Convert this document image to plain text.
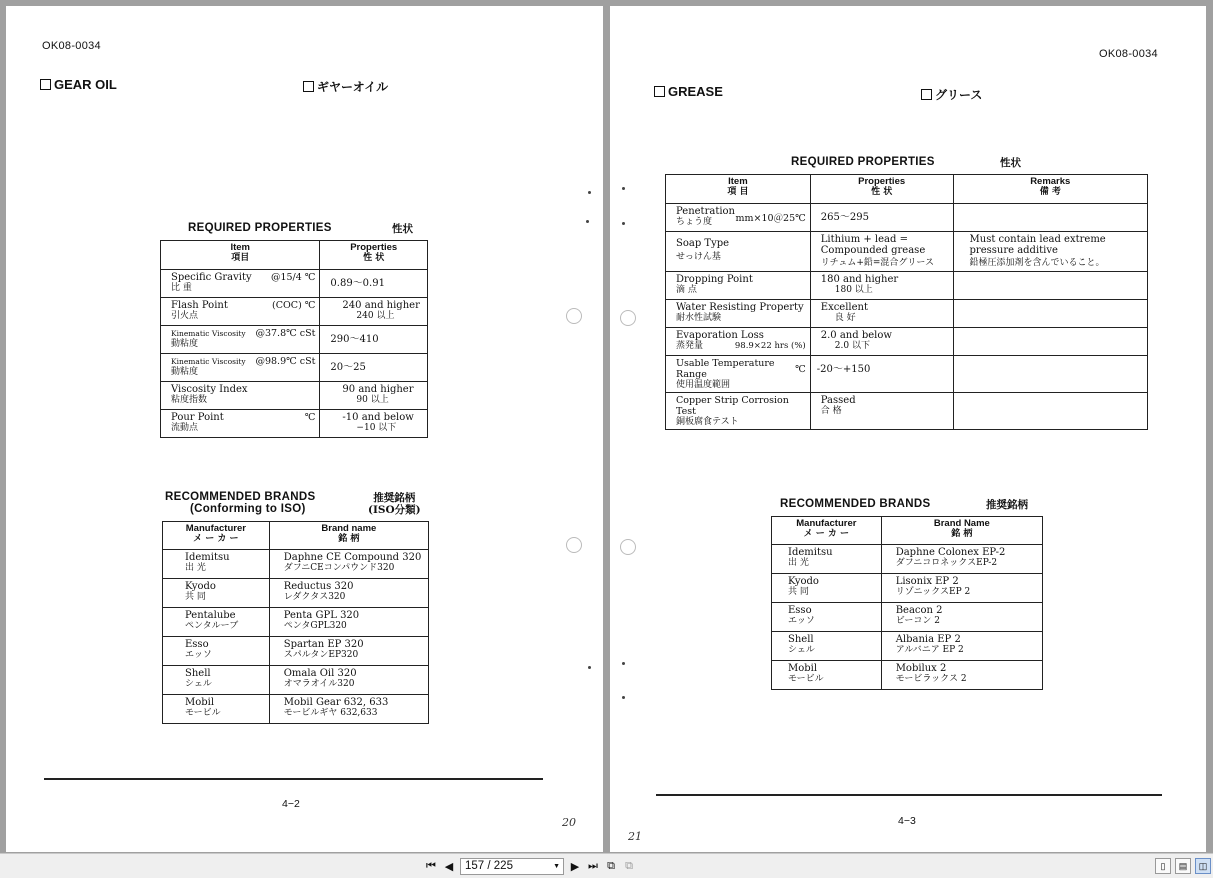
OK08-0034
GEAR OIL	ギヤーオイル
REQUIRED PROPERTIES	性状
Item
項目	Properties
性 状

Specific Gravity @15/4 ℃
比 重	0.89～0.91

Flash Point (COC) ℃
引火点	240 and higher
240 以上

Kinematic Viscosity @37.8℃ cSt
動粘度	290～410

Kinematic Viscosity @98.9℃ cSt
動粘度	20～25

Viscosity Index
粘度指数	90 and higher
90 以上

Pour Point ℃
流動点	-10 and below
−10 以下
RECOMMENDED BRANDS
(Conforming to ISO)
推奨銘柄
(ISO分類)
Manufacturer
メ ー カ ー	Brand name
銘 柄

Idemitsu
出 光	Daphne CE Compound 320
ダフニCEコンパウンド320

Kyodo
共 同	Reductus 320
レダクタス320

Pentalube
ペンタルーブ	Penta GPL 320
ペンタGPL320

Esso
エッソ	Spartan EP 320
スパルタンEP320

Shell
シェル	Omala Oil 320
オマラオイル320

Mobil
モービル	Mobil Gear 632, 633
モービルギヤ 632,633
4−2
20
OK08-0034
GREASE	グリース
REQUIRED PROPERTIES	性状
Item
項 目	Properties
性 状	Remarks
備 考

Penetration
ちょう度 mm×10＠25℃	265～295	
Soap Type
せっけん基	Lithium + lead =
Compounded grease
リチュム+鉛=混合グリース	Must contain lead extreme
pressure additive
鉛極圧添加剤を含んでいること。

Dropping Point
滴 点	180 and higher
180 以上	

Water Resisting Property
耐水性試験	Excellent
良 好	

Evaporation Loss
蒸発量 98.9×22 hrs (%)	2.0 and below
2.0 以下	

Usable Temperature Range ℃
使用温度範囲	-20～+150	
Copper Strip Corrosion Test
銅板腐食テスト	Passed
合 格	

RECOMMENDED BRANDS	推奨銘柄
Manufacturer
メ ー カ ー	Brand Name
銘 柄

Idemitsu
出 光	Daphne Colonex EP-2
ダフニコロネックスEP-2

Kyodo
共 同	Lisonix EP 2
リゾニックスEP 2

Esso
エッソ	Beacon 2
ビーコン 2

Shell
シェル	Albania EP 2
アルバニア EP 2

Mobil
モービル	Mobilux 2
モービラックス 2
4−3
21
⏮ ◀ 157 / 225	▼ ▶ ⏭ ⧉ ⧉	▯ ▤ ◫
